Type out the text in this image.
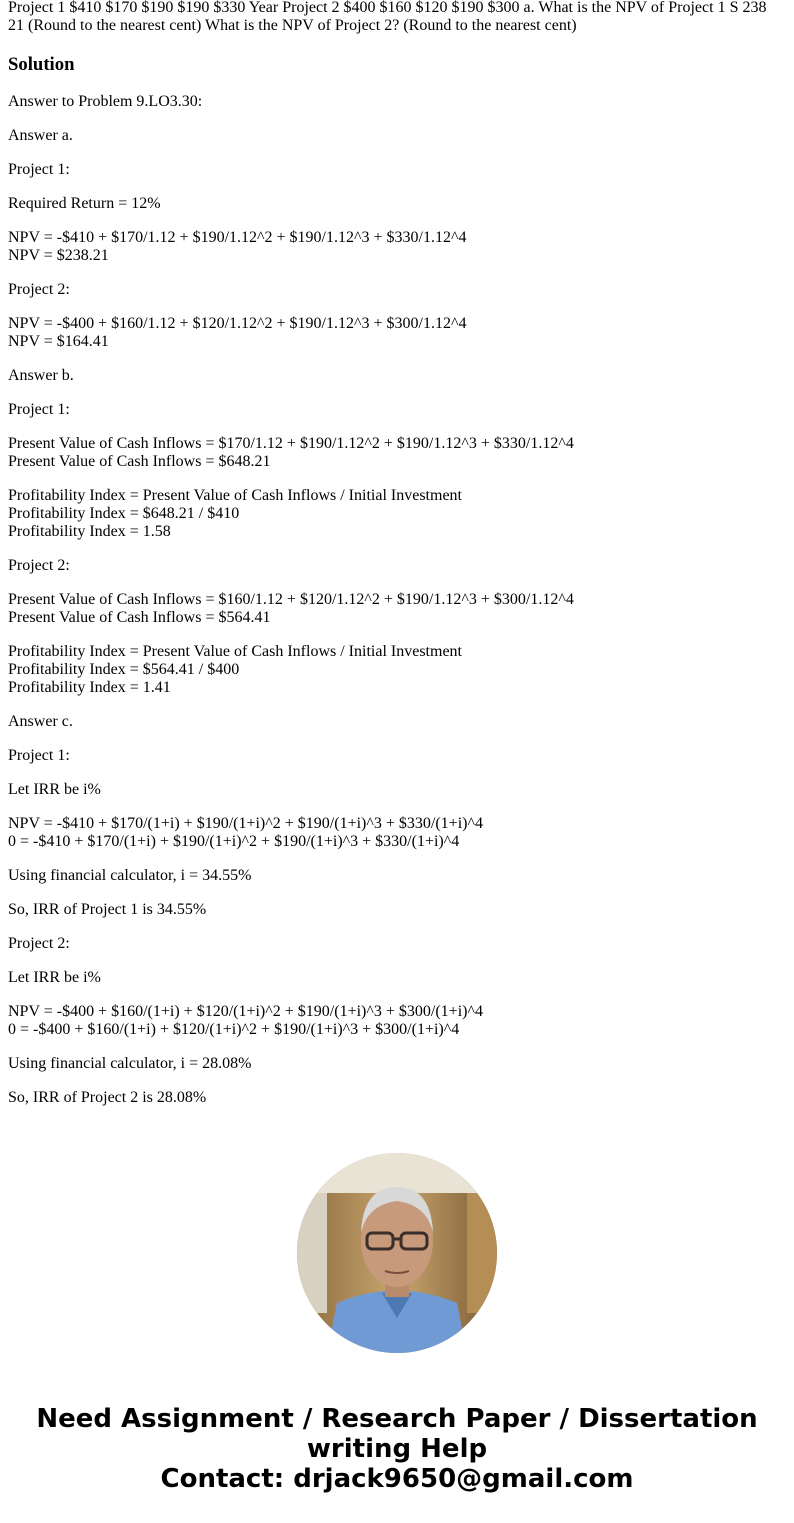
Project 1 $410 $170 $190 $190 $330 Year Project 2 $400 $160 $120 $190 $300 a. What is the NPV of Project 1 S 238 21 (Round to the nearest cent) What is the NPV of Project 2? (Round to the nearest cent)

Solution
Answer to Problem 9.LO3.30:
Answer a.
Project 1:
Required Return = 12%
NPV = -$410 + $170/1.12 + $190/1.12^2 + $190/1.12^3 + $330/1.12^4
NPV = $238.21
Project 2:
NPV = -$400 + $160/1.12 + $120/1.12^2 + $190/1.12^3 + $300/1.12^4
NPV = $164.41
Answer b.
Project 1:
Present Value of Cash Inflows = $170/1.12 + $190/1.12^2 + $190/1.12^3 + $330/1.12^4
Present Value of Cash Inflows = $648.21
Profitability Index = Present Value of Cash Inflows / Initial Investment
Profitability Index = $648.21 / $410
Profitability Index = 1.58
Project 2:
Present Value of Cash Inflows = $160/1.12 + $120/1.12^2 + $190/1.12^3 + $300/1.12^4
Present Value of Cash Inflows = $564.41
Profitability Index = Present Value of Cash Inflows / Initial Investment
Profitability Index = $564.41 / $400
Profitability Index = 1.41
Answer c.
Project 1:
Let IRR be i%
NPV = -$410 + $170/(1+i) + $190/(1+i)^2 + $190/(1+i)^3 + $330/(1+i)^4
0 = -$410 + $170/(1+i) + $190/(1+i)^2 + $190/(1+i)^3 + $330/(1+i)^4
Using financial calculator, i = 34.55%
So, IRR of Project 1 is 34.55%
Project 2:
Let IRR be i%
NPV = -$400 + $160/(1+i) + $120/(1+i)^2 + $190/(1+i)^3 + $300/(1+i)^4
0 = -$400 + $160/(1+i) + $120/(1+i)^2 + $190/(1+i)^3 + $300/(1+i)^4
Using financial calculator, i = 28.08%
So, IRR of Project 2 is 28.08%
Need Assignment / Research Paper / Dissertation
writing Help
Contact: drjack9650@gmail.com
